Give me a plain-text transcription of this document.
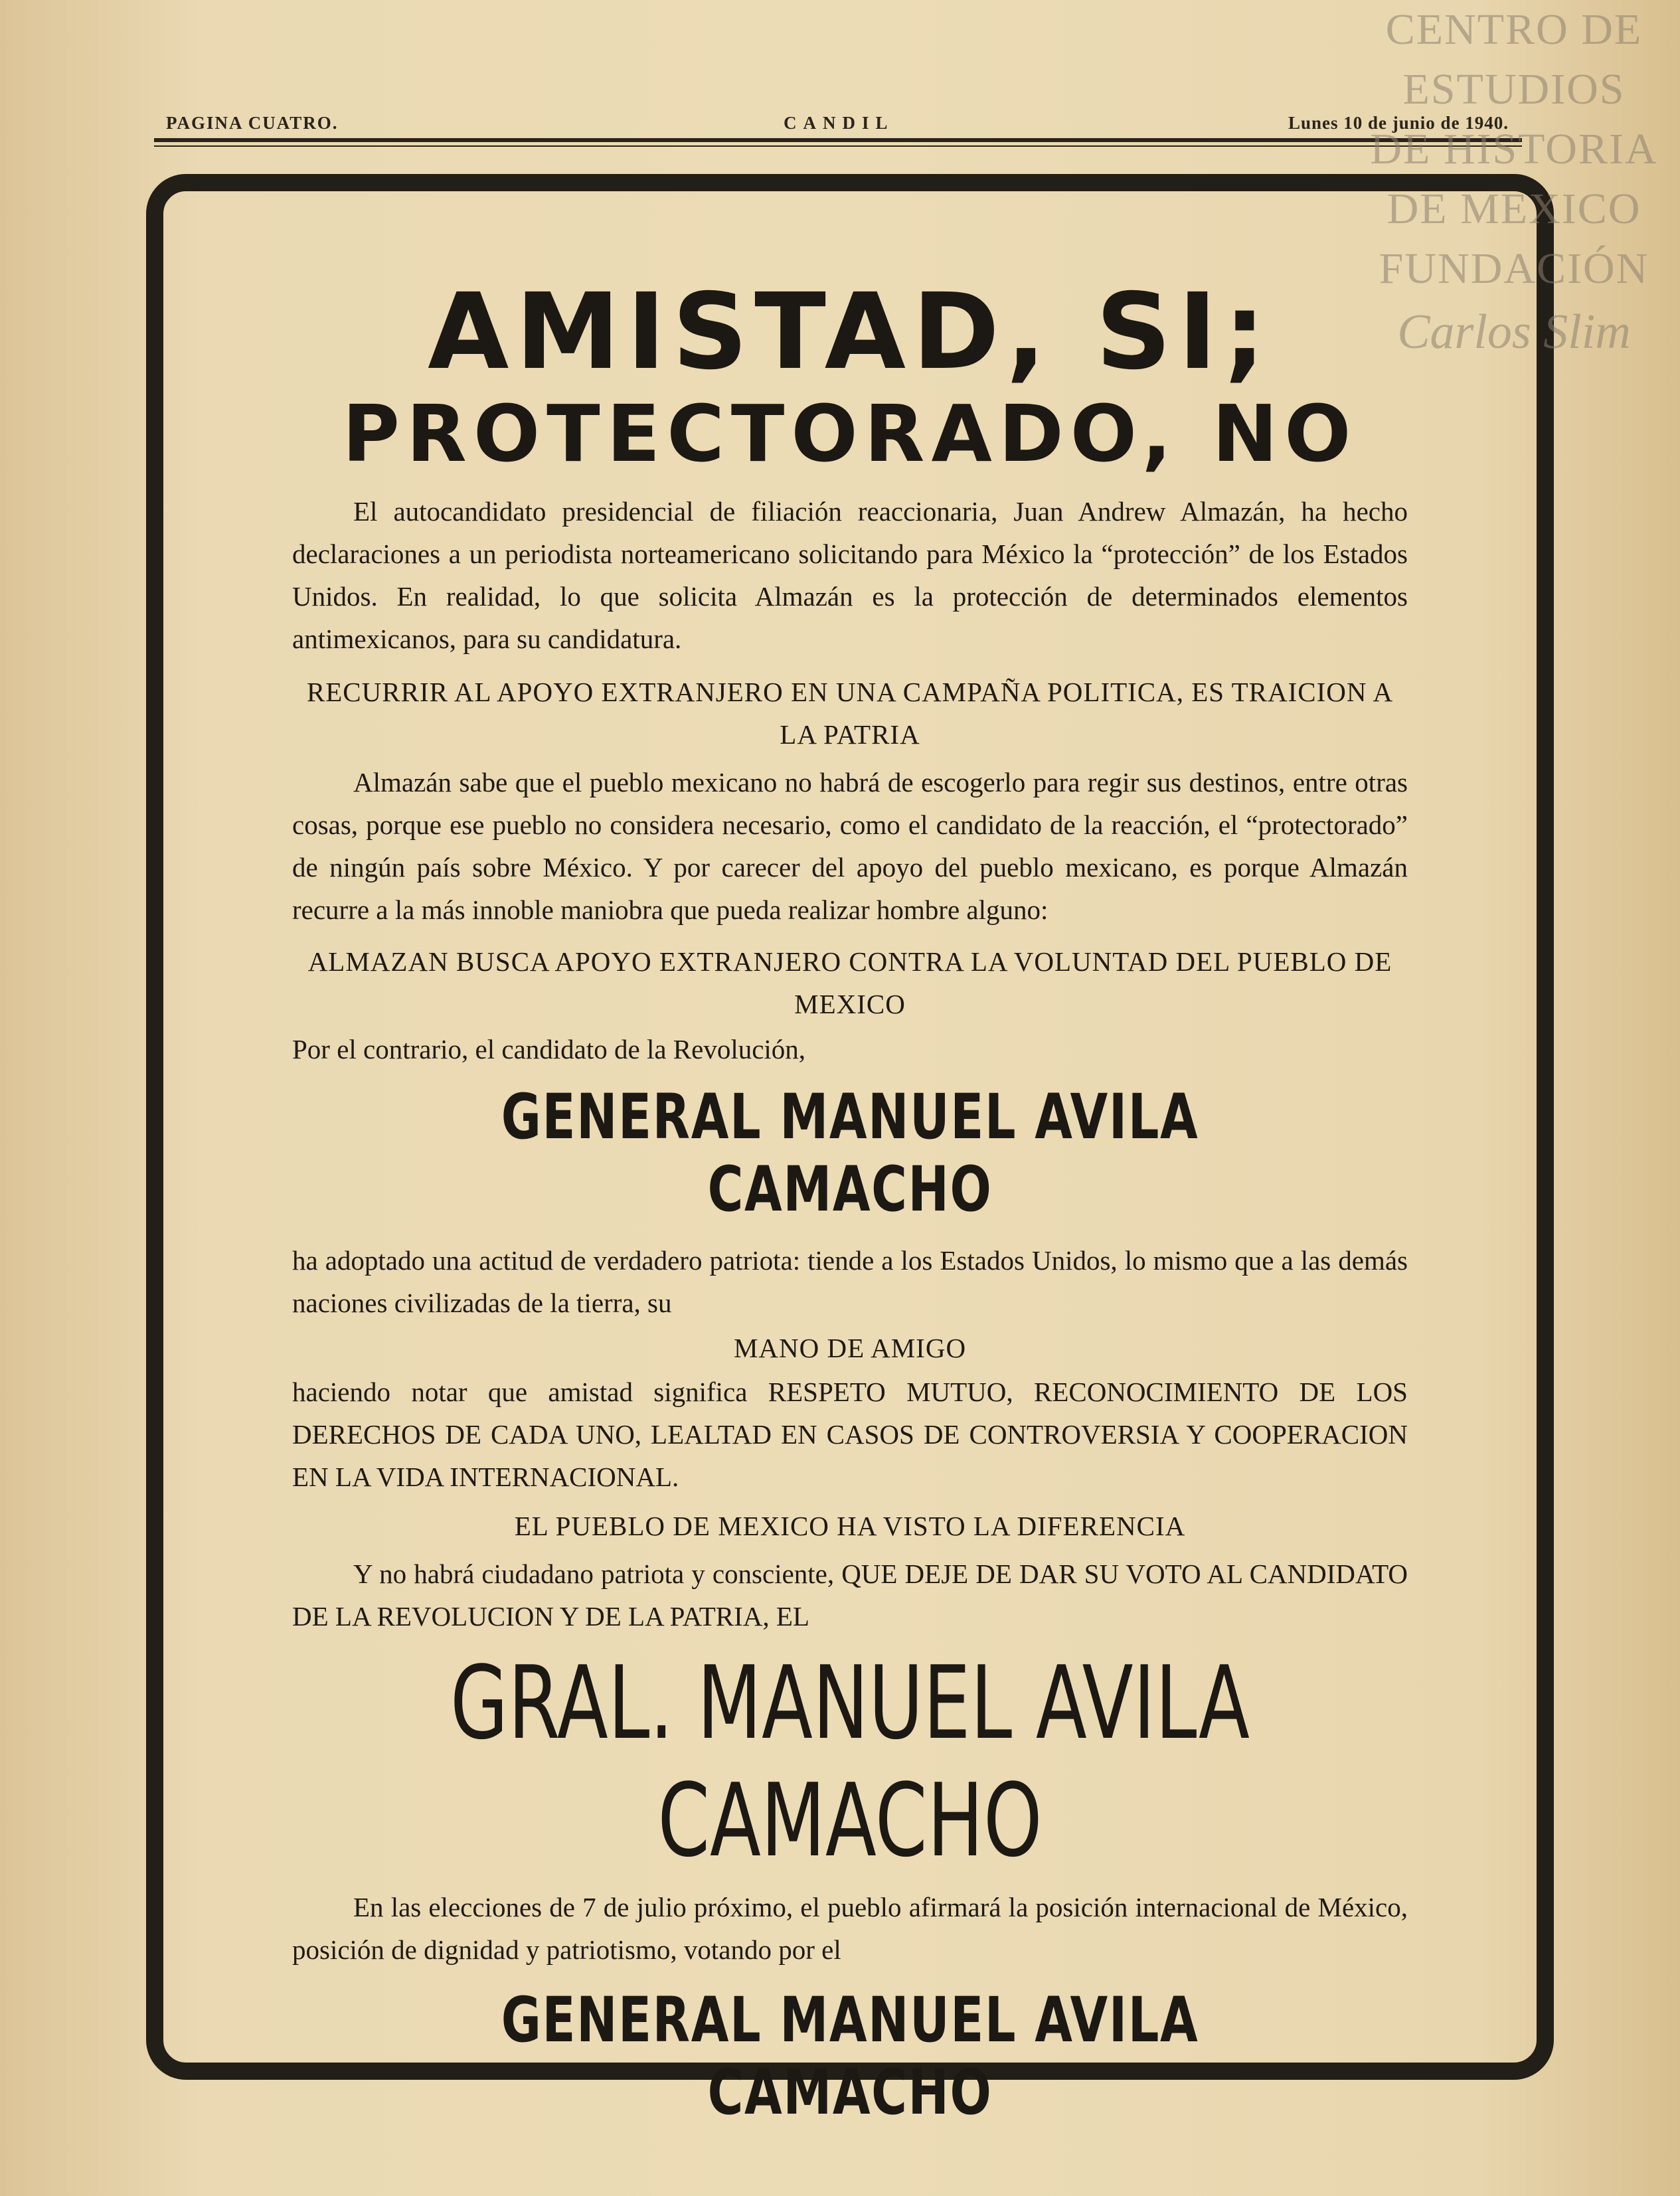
PAGINA CUATRO.	CANDIL	Lunes 10 de junio de 1940.
AMISTAD, SI;
PROTECTORADO, NO

El autocandidato presidencial de filiación reaccionaria, Juan Andrew Almazán, ha hecho declaraciones a un periodista norteamericano solicitando para México la “protección” de los Estados Unidos. En realidad, lo que solicita Almazán es la protección de determinados elementos antimexicanos, para su candidatura.

RECURRIR AL APOYO EXTRANJERO EN UNA CAMPAÑA POLITICA, ES TRAICION A LA PATRIA

Almazán sabe que el pueblo mexicano no habrá de escogerlo para regir sus destinos, entre otras cosas, porque ese pueblo no considera necesario, como el candidato de la reacción, el “protectorado” de ningún país sobre México. Y por carecer del apoyo del pueblo mexicano, es porque Almazán recurre a la más innoble maniobra que pueda realizar hombre alguno:

ALMAZAN BUSCA APOYO EXTRANJERO CONTRA LA VOLUNTAD DEL PUEBLO DE MEXICO

Por el contrario, el candidato de la Revolución,

GENERAL MANUEL AVILA CAMACHO

ha adoptado una actitud de verdadero patriota: tiende a los Estados Unidos, lo mismo que a las demás naciones civilizadas de la tierra, su

MANO DE AMIGO

haciendo notar que amistad significa RESPETO MUTUO, RECONOCIMIENTO DE LOS DERECHOS DE CADA UNO, LEALTAD EN CASOS DE CONTROVERSIA Y COOPERACION EN LA VIDA INTERNACIONAL.

EL PUEBLO DE MEXICO HA VISTO LA DIFERENCIA

Y no habrá ciudadano patriota y consciente, QUE DEJE DE DAR SU VOTO AL CANDIDATO DE LA REVOLUCION Y DE LA PATRIA, EL

GRAL. MANUEL AVILA CAMACHO

En las elecciones de 7 de julio próximo, el pueblo afirmará la posición internacional de México, posición de dignidad y patriotismo, votando por el

GENERAL MANUEL AVILA CAMACHO

CENTRO DE
ESTUDIOS
DE HISTORIA
DE MEXICO
FUNDACIÓN
Carlos Slim
